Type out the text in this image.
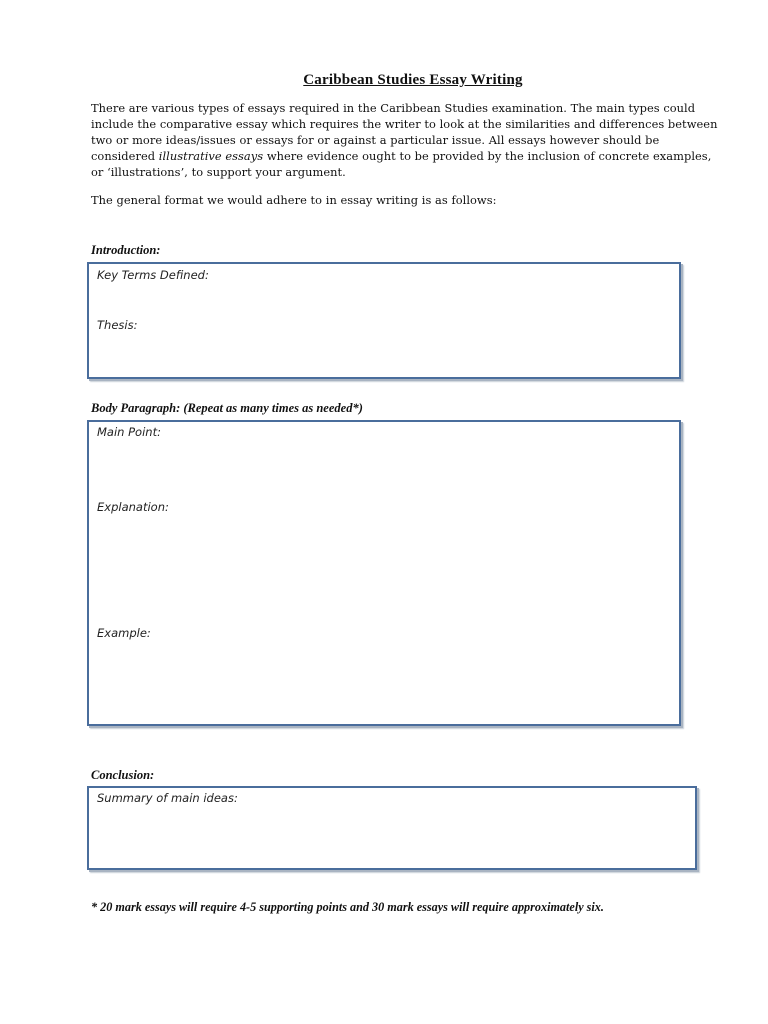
Caribbean Studies Essay Writing
There are various types of essays required in the Caribbean Studies examination. The main types could
include the comparative essay which requires the writer to look at the similarities and differences between
two or more ideas/issues or essays for or against a particular issue. All essays however should be
considered illustrative essays where evidence ought to be provided by the inclusion of concrete examples,
or ‘illustrations’, to support your argument.
The general format we would adhere to in essay writing is as follows:
Introduction:
Key Terms Defined:
Thesis:
Body Paragraph: (Repeat as many times as needed*)
Main Point:
Explanation:
Example:
Conclusion:
Summary of main ideas:
* 20 mark essays will require 4-5 supporting points and 30 mark essays will require approximately six.
